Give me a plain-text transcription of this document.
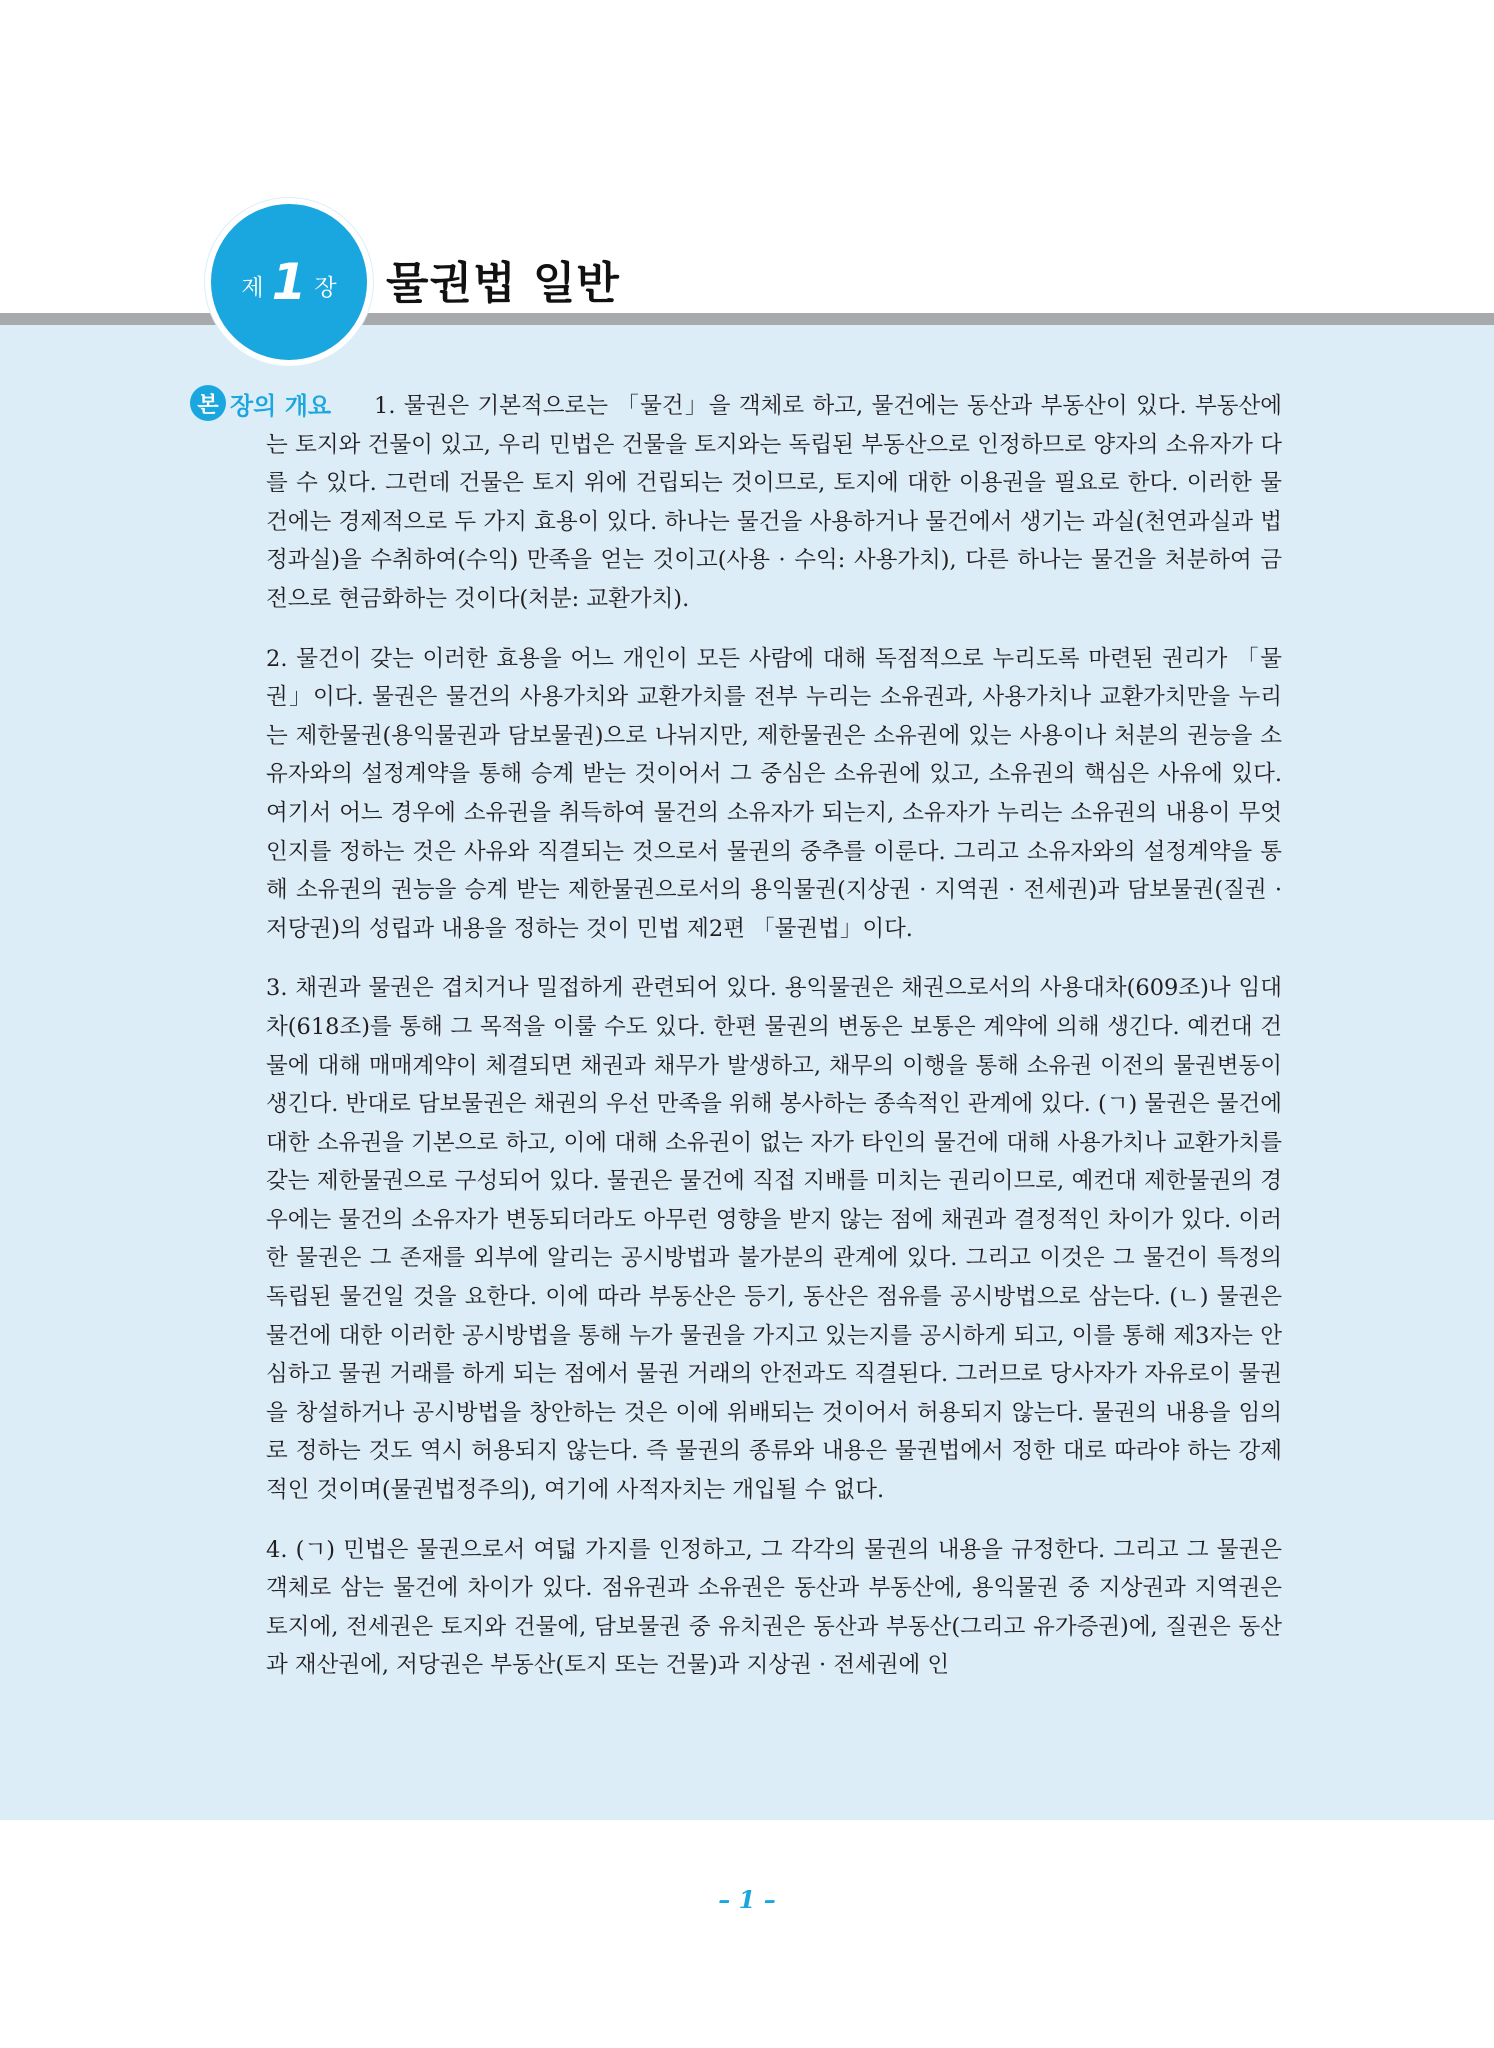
제 1 장 물권법 일반
본 장의 개요	1. 물권은 기본적으로는 「물건」을 객체로 하고, 물건에는 동산과 부동산이 있다. 부동산에는 토지와 건물이 있고, 우리 민법은 건물을 토지와는 독립된 부동산으로 인정하므로 양자의 소유자가 다를 수 있다. 그런데 건물은 토지 위에 건립되는 것이므로, 토지에 대한 이용권을 필요로 한다. 이러한 물건에는 경제적으로 두 가지 효용이 있다. 하나는 물건을 사용하거나 물건에서 생기는 과실(천연과실과 법정과실)을 수취하여(수익) 만족을 얻는 것이고(사용 · 수익: 사용가치), 다른 하나는 물건을 처분하여 금전으로 현금화하는 것이다(처분: 교환가치).

2. 물건이 갖는 이러한 효용을 어느 개인이 모든 사람에 대해 독점적으로 누리도록 마련된 권리가 「물권」이다. 물권은 물건의 사용가치와 교환가치를 전부 누리는 소유권과, 사용가치나 교환가치만을 누리는 제한물권(용익물권과 담보물권)으로 나뉘지만, 제한물권은 소유권에 있는 사용이나 처분의 권능을 소유자와의 설정계약을 통해 승계 받는 것이어서 그 중심은 소유권에 있고, 소유권의 핵심은 사유에 있다. 여기서 어느 경우에 소유권을 취득하여 물건의 소유자가 되는지, 소유자가 누리는 소유권의 내용이 무엇인지를 정하는 것은 사유와 직결되는 것으로서 물권의 중추를 이룬다. 그리고 소유자와의 설정계약을 통해 소유권의 권능을 승계 받는 제한물권으로서의 용익물권(지상권 · 지역권 · 전세권)과 담보물권(질권 · 저당권)의 성립과 내용을 정하는 것이 민법 제2편 「물권법」이다.

3. 채권과 물권은 겹치거나 밀접하게 관련되어 있다. 용익물권은 채권으로서의 사용대차(609조)나 임대차(618조)를 통해 그 목적을 이룰 수도 있다. 한편 물권의 변동은 보통은 계약에 의해 생긴다. 예컨대 건물에 대해 매매계약이 체결되면 채권과 채무가 발생하고, 채무의 이행을 통해 소유권 이전의 물권변동이 생긴다. 반대로 담보물권은 채권의 우선 만족을 위해 봉사하는 종속적인 관계에 있다. (ㄱ) 물권은 물건에 대한 소유권을 기본으로 하고, 이에 대해 소유권이 없는 자가 타인의 물건에 대해 사용가치나 교환가치를 갖는 제한물권으로 구성되어 있다. 물권은 물건에 직접 지배를 미치는 권리이므로, 예컨대 제한물권의 경우에는 물건의 소유자가 변동되더라도 아무런 영향을 받지 않는 점에 채권과 결정적인 차이가 있다. 이러한 물권은 그 존재를 외부에 알리는 공시방법과 불가분의 관계에 있다. 그리고 이것은 그 물건이 특정의 독립된 물건일 것을 요한다. 이에 따라 부동산은 등기, 동산은 점유를 공시방법으로 삼는다. (ㄴ) 물권은 물건에 대한 이러한 공시방법을 통해 누가 물권을 가지고 있는지를 공시하게 되고, 이를 통해 제3자는 안심하고 물권 거래를 하게 되는 점에서 물권 거래의 안전과도 직결된다. 그러므로 당사자가 자유로이 물권을 창설하거나 공시방법을 창안하는 것은 이에 위배되는 것이어서 허용되지 않는다. 물권의 내용을 임의로 정하는 것도 역시 허용되지 않는다. 즉 물권의 종류와 내용은 물권법에서 정한 대로 따라야 하는 강제적인 것이며(물권법정주의), 여기에 사적자치는 개입될 수 없다.

4. (ㄱ) 민법은 물권으로서 여덟 가지를 인정하고, 그 각각의 물권의 내용을 규정한다. 그리고 그 물권은 객체로 삼는 물건에 차이가 있다. 점유권과 소유권은 동산과 부동산에, 용익물권 중 지상권과 지역권은 토지에, 전세권은 토지와 건물에, 담보물권 중 유치권은 동산과 부동산(그리고 유가증권)에, 질권은 동산과 재산권에, 저당권은 부동산(토지 또는 건물)과 지상권 · 전세권에 인

– 1 –
